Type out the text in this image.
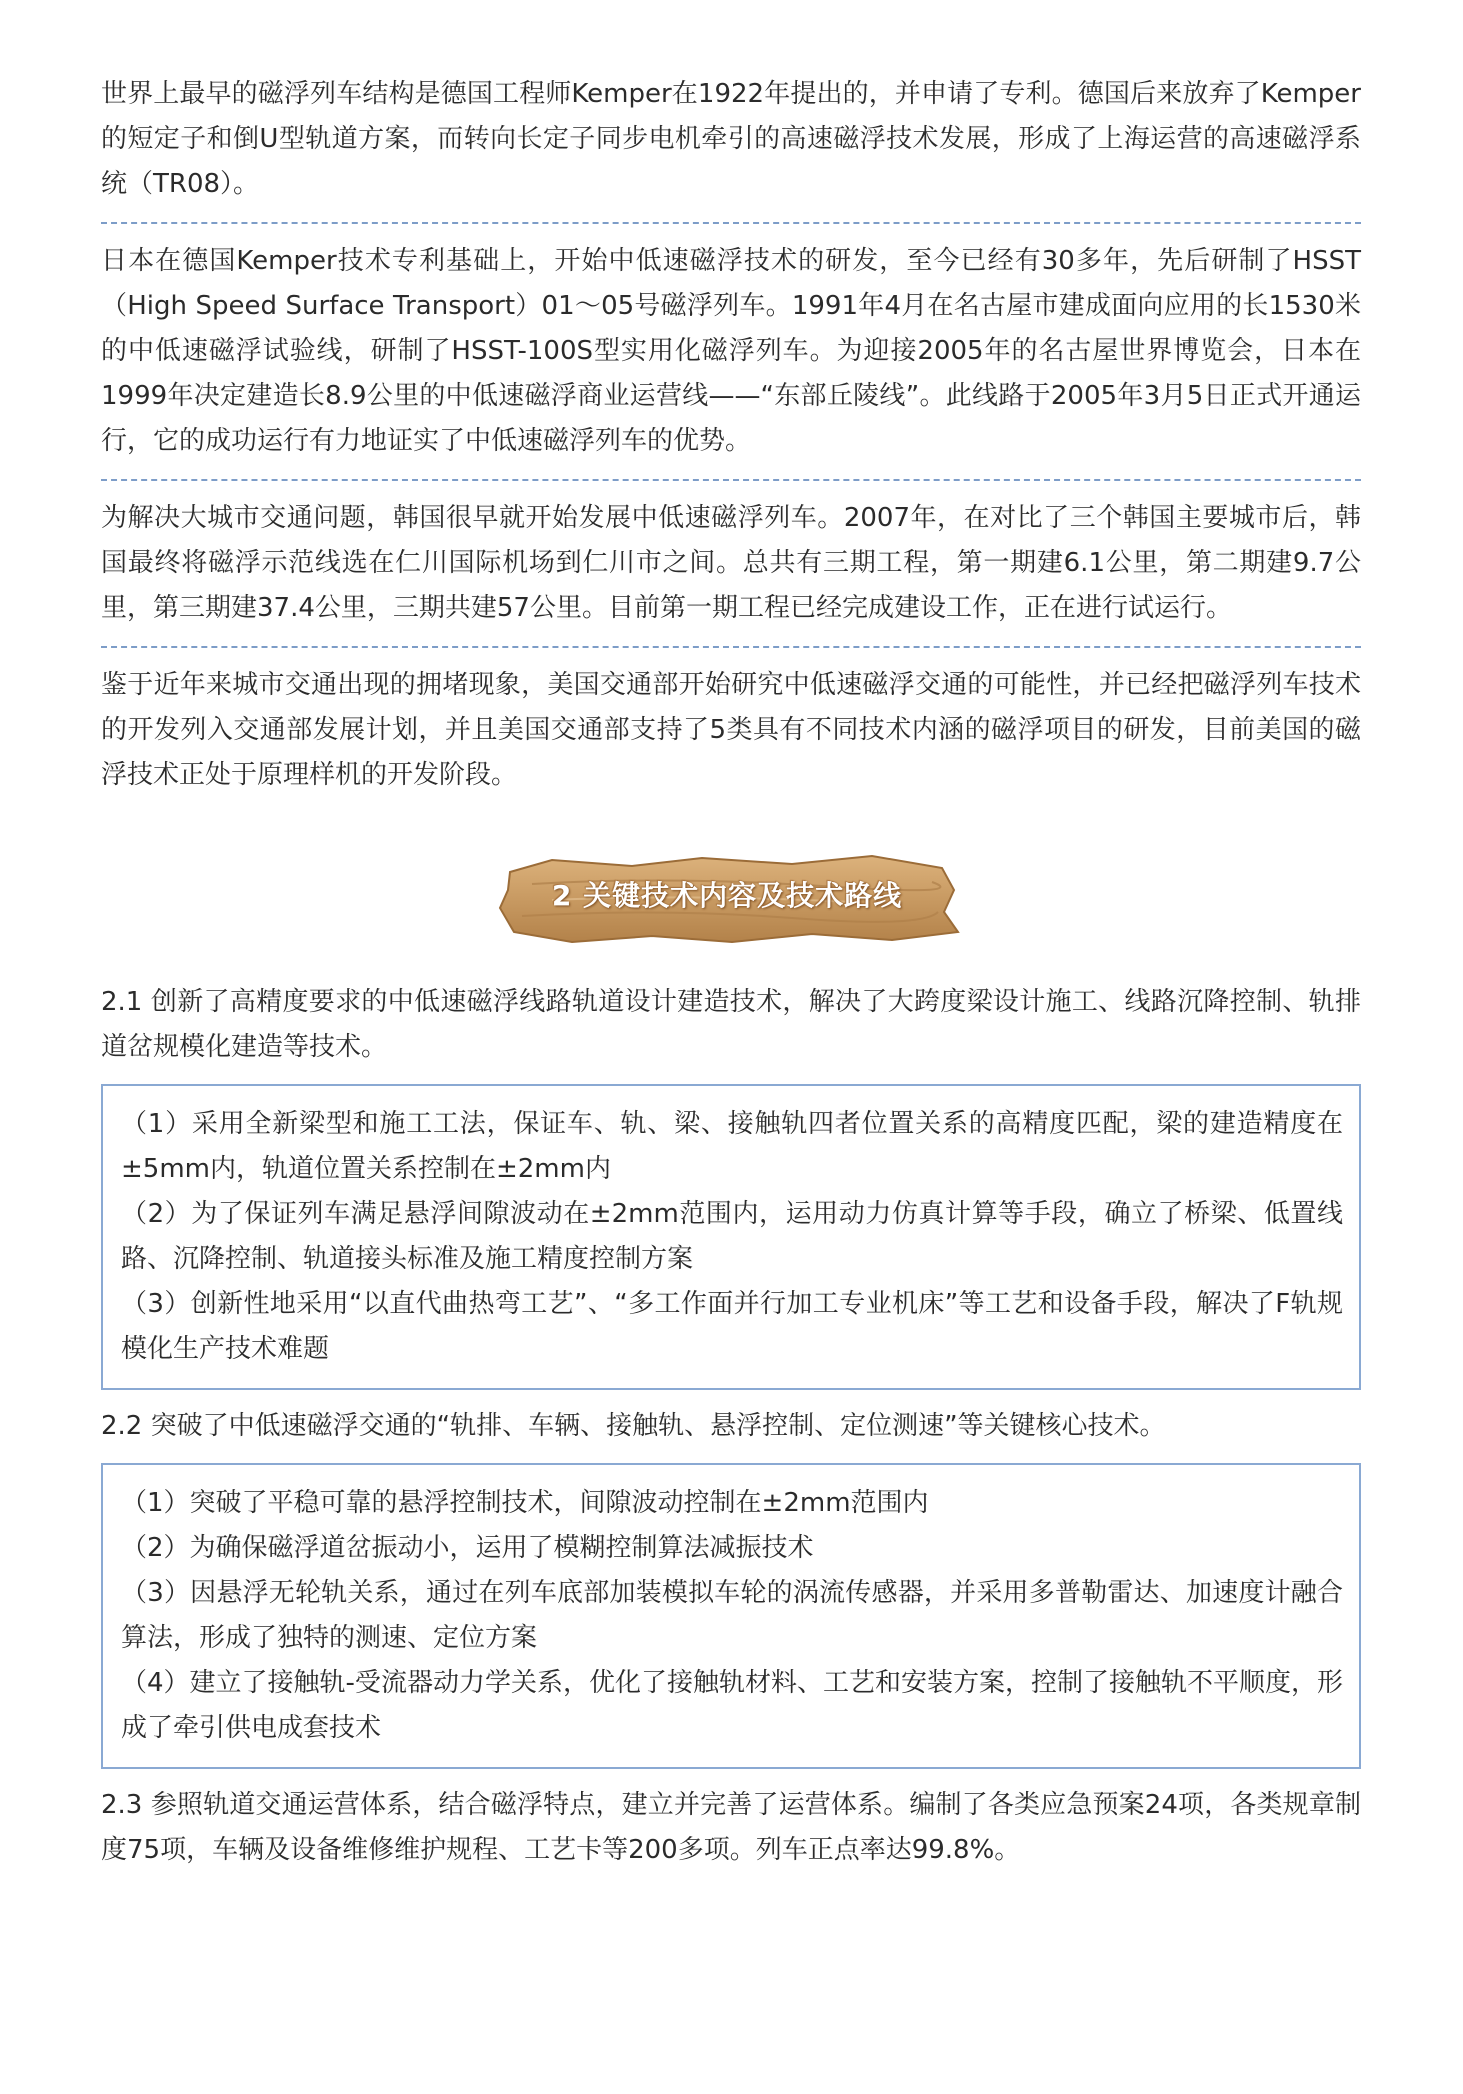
世界上最早的磁浮列车结构是德国工程师Kemper在1922年提出的，并申请了专利。德国后来放弃了Kemper的短定子和倒U型轨道方案，而转向长定子同步电机牵引的高速磁浮技术发展，形成了上海运营的高速磁浮系统（TR08）。

日本在德国Kemper技术专利基础上，开始中低速磁浮技术的研发，至今已经有30多年，先后研制了HSST（High Speed Surface Transport）01～05号磁浮列车。1991年4月在名古屋市建成面向应用的长1530米的中低速磁浮试验线，研制了HSST-100S型实用化磁浮列车。为迎接2005年的名古屋世界博览会，日本在1999年决定建造长8.9公里的中低速磁浮商业运营线——“东部丘陵线”。此线路于2005年3月5日正式开通运行，它的成功运行有力地证实了中低速磁浮列车的优势。

为解决大城市交通问题，韩国很早就开始发展中低速磁浮列车。2007年，在对比了三个韩国主要城市后，韩国最终将磁浮示范线选在仁川国际机场到仁川市之间。总共有三期工程，第一期建6.1公里，第二期建9.7公里，第三期建37.4公里，三期共建57公里。目前第一期工程已经完成建设工作，正在进行试运行。

鉴于近年来城市交通出现的拥堵现象，美国交通部开始研究中低速磁浮交通的可能性，并已经把磁浮列车技术的开发列入交通部发展计划，并且美国交通部支持了5类具有不同技术内涵的磁浮项目的研发，目前美国的磁浮技术正处于原理样机的开发阶段。

2 关键技术内容及技术路线

2.1 创新了高精度要求的中低速磁浮线路轨道设计建造技术，解决了大跨度梁设计施工、线路沉降控制、轨排道岔规模化建造等技术。

（1）采用全新梁型和施工工法，保证车、轨、梁、接触轨四者位置关系的高精度匹配，梁的建造精度在±5mm内，轨道位置关系控制在±2mm内

（2）为了保证列车满足悬浮间隙波动在±2mm范围内，运用动力仿真计算等手段，确立了桥梁、低置线路、沉降控制、轨道接头标准及施工精度控制方案

（3）创新性地采用“以直代曲热弯工艺”、“多工作面并行加工专业机床”等工艺和设备手段，解决了F轨规模化生产技术难题

2.2 突破了中低速磁浮交通的“轨排、车辆、接触轨、悬浮控制、定位测速”等关键核心技术。

（1）突破了平稳可靠的悬浮控制技术，间隙波动控制在±2mm范围内

（2）为确保磁浮道岔振动小，运用了模糊控制算法减振技术

（3）因悬浮无轮轨关系，通过在列车底部加装模拟车轮的涡流传感器，并采用多普勒雷达、加速度计融合算法，形成了独特的测速、定位方案

（4）建立了接触轨-受流器动力学关系，优化了接触轨材料、工艺和安装方案，控制了接触轨不平顺度，形成了牵引供电成套技术

2.3 参照轨道交通运营体系，结合磁浮特点，建立并完善了运营体系。编制了各类应急预案24项，各类规章制度75项，车辆及设备维修维护规程、工艺卡等200多项。列车正点率达99.8%。
